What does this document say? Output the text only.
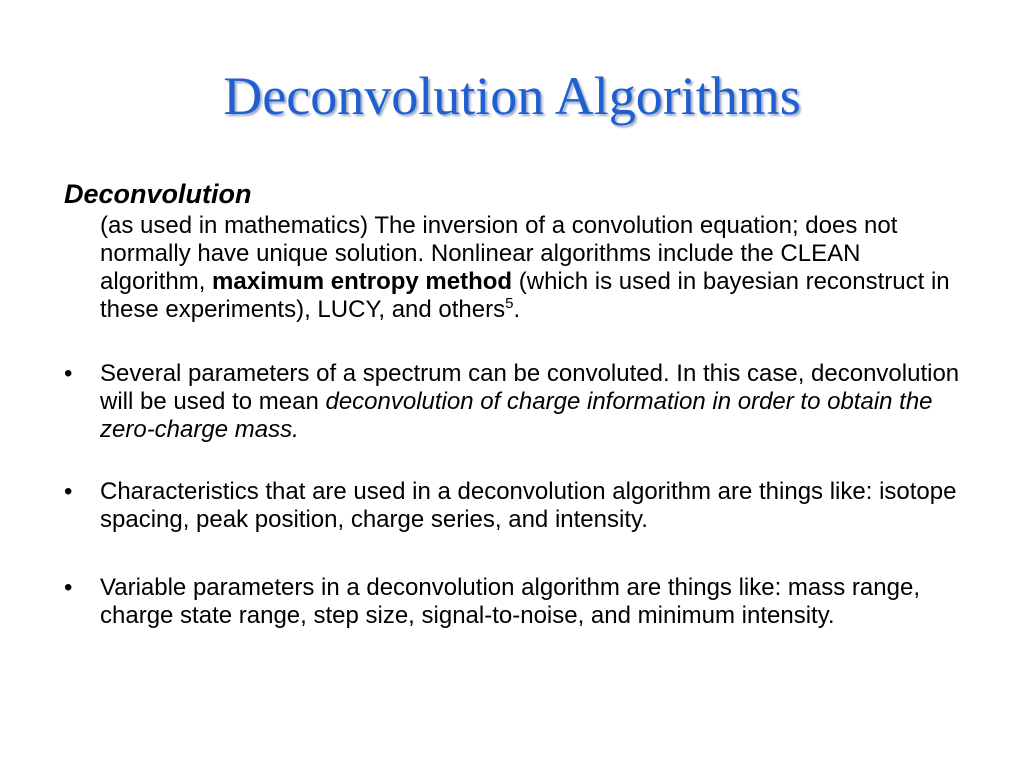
Deconvolution Algorithms
Deconvolution

(as used in mathematics) The inversion of a convolution equation; does not normally have unique solution. Nonlinear algorithms include the CLEAN algorithm, maximum entropy method (which is used in bayesian reconstruct in these experiments), LUCY, and others$^5$.

• Several parameters of a spectrum can be convoluted. In this case, deconvolution will be used to mean deconvolution of charge information in order to obtain the zero-charge mass.
• Characteristics that are used in a deconvolution algorithm are things like: isotope spacing, peak position, charge series, and intensity.
• Variable parameters in a deconvolution algorithm are things like: mass range, charge state range, step size, signal-to-noise, and minimum intensity.
